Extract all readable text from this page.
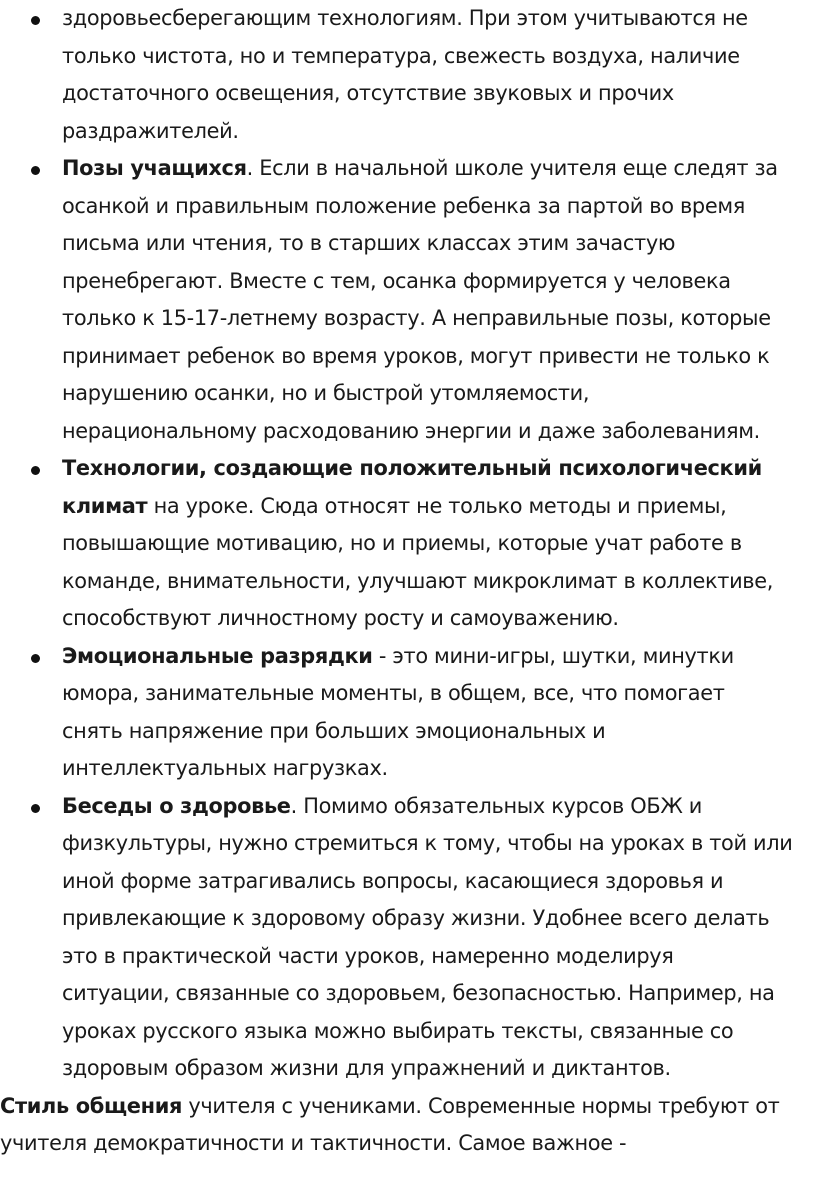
здоровьесберегающим технологиям. При этом учитываются не
только чистота, но и температура, свежесть воздуха, наличие
достаточного освещения, отсутствие звуковых и прочих
раздражителей.
Позы учащихся. Если в начальной школе учителя еще следят за
осанкой и правильным положение ребенка за партой во время
письма или чтения, то в старших классах этим зачастую
пренебрегают. Вместе с тем, осанка формируется у человека
только к 15-17-летнему возрасту. А неправильные позы, которые
принимает ребенок во время уроков, могут привести не только к
нарушению осанки, но и быстрой утомляемости,
нерациональному расходованию энергии и даже заболеваниям.
Технологии, создающие положительный психологический
климат на уроке. Сюда относят не только методы и приемы,
повышающие мотивацию, но и приемы, которые учат работе в
команде, внимательности, улучшают микроклимат в коллективе,
способствуют личностному росту и самоуважению.
Эмоциональные разрядки - это мини-игры, шутки, минутки
юмора, занимательные моменты, в общем, все, что помогает
снять напряжение при больших эмоциональных и
интеллектуальных нагрузках.
Беседы о здоровье. Помимо обязательных курсов ОБЖ и
физкультуры, нужно стремиться к тому, чтобы на уроках в той или
иной форме затрагивались вопросы, касающиеся здоровья и
привлекающие к здоровому образу жизни. Удобнее всего делать
это в практической части уроков, намеренно моделируя
ситуации, связанные со здоровьем, безопасностью. Например, на
уроках русского языка можно выбирать тексты, связанные со
здоровым образом жизни для упражнений и диктантов.
Стиль общения учителя с учениками. Современные нормы требуют от
учителя демократичности и тактичности. Самое важное -
